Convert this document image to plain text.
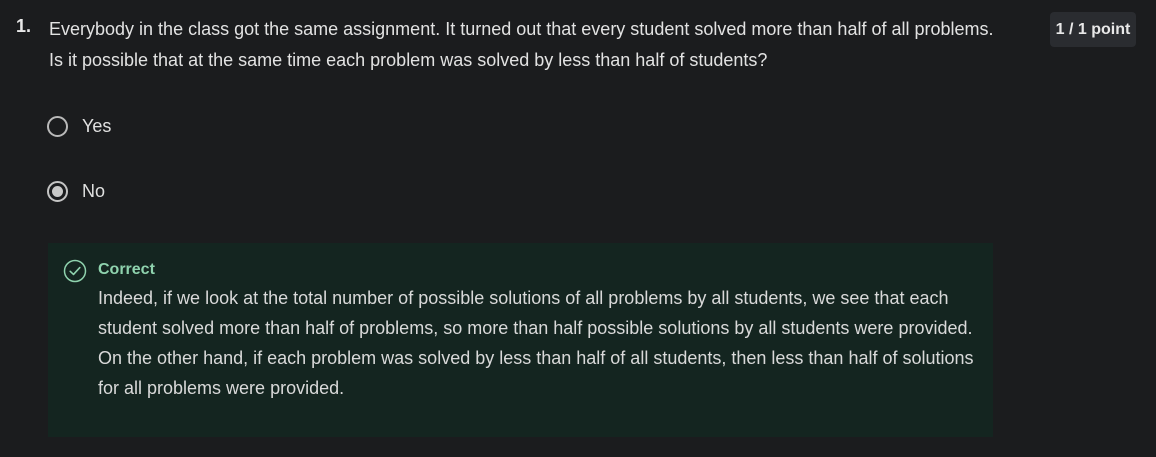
1. Everybody in the class got the same assignment. It turned out that every student solved more than half of all problems. Is it possible that at the same time each problem was solved by less than half of students?
1 / 1 point
Yes
No
Correct
Indeed, if we look at the total number of possible solutions of all problems by all students, we see that each student solved more than half of problems, so more than half possible solutions by all students were provided. On the other hand, if each problem was solved by less than half of all students, then less than half of solutions for all problems were provided.
